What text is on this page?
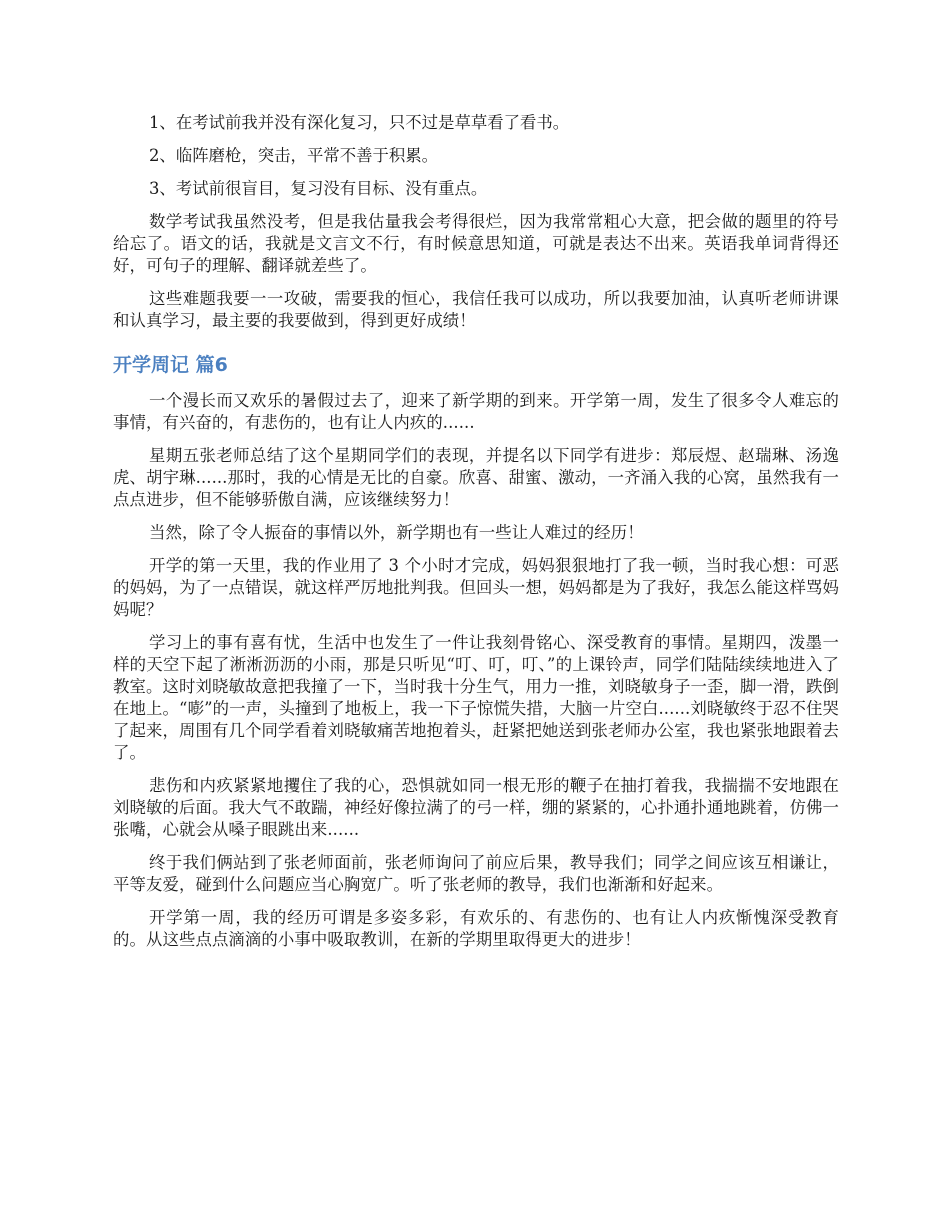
1、在考试前我并没有深化复习，只不过是草草看了看书。

2、临阵磨枪，突击，平常不善于积累。

3、考试前很盲目，复习没有目标、没有重点。

数学考试我虽然没考，但是我估量我会考得很烂，因为我常常粗心大意，把会做的题里的符号给忘了。语文的话，我就是文言文不行，有时候意思知道，可就是表达不出来。英语我单词背得还好，可句子的理解、翻译就差些了。

这些难题我要一一攻破，需要我的恒心，我信任我可以成功，所以我要加油，认真听老师讲课和认真学习，最主要的我要做到，得到更好成绩！

开学周记 篇6

一个漫长而又欢乐的暑假过去了，迎来了新学期的到来。开学第一周，发生了很多令人难忘的事情，有兴奋的，有悲伤的，也有让人内疚的......

星期五张老师总结了这个星期同学们的表现，并提名以下同学有进步：郑辰煜、赵瑞琳、汤逸虎、胡宇琳......那时，我的心情是无比的自豪。欣喜、甜蜜、激动，一齐涌入我的心窝，虽然我有一点点进步，但不能够骄傲自满，应该继续努力！

当然，除了令人振奋的事情以外，新学期也有一些让人难过的经历！

开学的第一天里，我的作业用了 3 个小时才完成，妈妈狠狠地打了我一顿，当时我心想：可恶的妈妈，为了一点错误，就这样严厉地批判我。但回头一想，妈妈都是为了我好，我怎么能这样骂妈妈呢？

学习上的事有喜有忧，生活中也发生了一件让我刻骨铭心、深受教育的事情。星期四，泼墨一样的天空下起了淅淅沥沥的小雨，那是只听见“叮、叮，叮、”的上课铃声，同学们陆陆续续地进入了教室。这时刘晓敏故意把我撞了一下，当时我十分生气，用力一推，刘晓敏身子一歪，脚一滑，跌倒在地上。“嘭”的一声，头撞到了地板上，我一下子惊慌失措，大脑一片空白......刘晓敏终于忍不住哭了起来，周围有几个同学看着刘晓敏痛苦地抱着头，赶紧把她送到张老师办公室，我也紧张地跟着去了。

悲伤和内疚紧紧地攫住了我的心，恐惧就如同一根无形的鞭子在抽打着我，我揣揣不安地跟在刘晓敏的后面。我大气不敢踹，神经好像拉满了的弓一样，绷的紧紧的，心扑通扑通地跳着，仿佛一张嘴，心就会从嗓子眼跳出来......

终于我们俩站到了张老师面前，张老师询问了前应后果，教导我们；同学之间应该互相谦让，平等友爱，碰到什么问题应当心胸宽广。听了张老师的教导，我们也渐渐和好起来。

开学第一周，我的经历可谓是多姿多彩，有欢乐的、有悲伤的、也有让人内疚惭愧深受教育的。从这些点点滴滴的小事中吸取教训，在新的学期里取得更大的进步！
